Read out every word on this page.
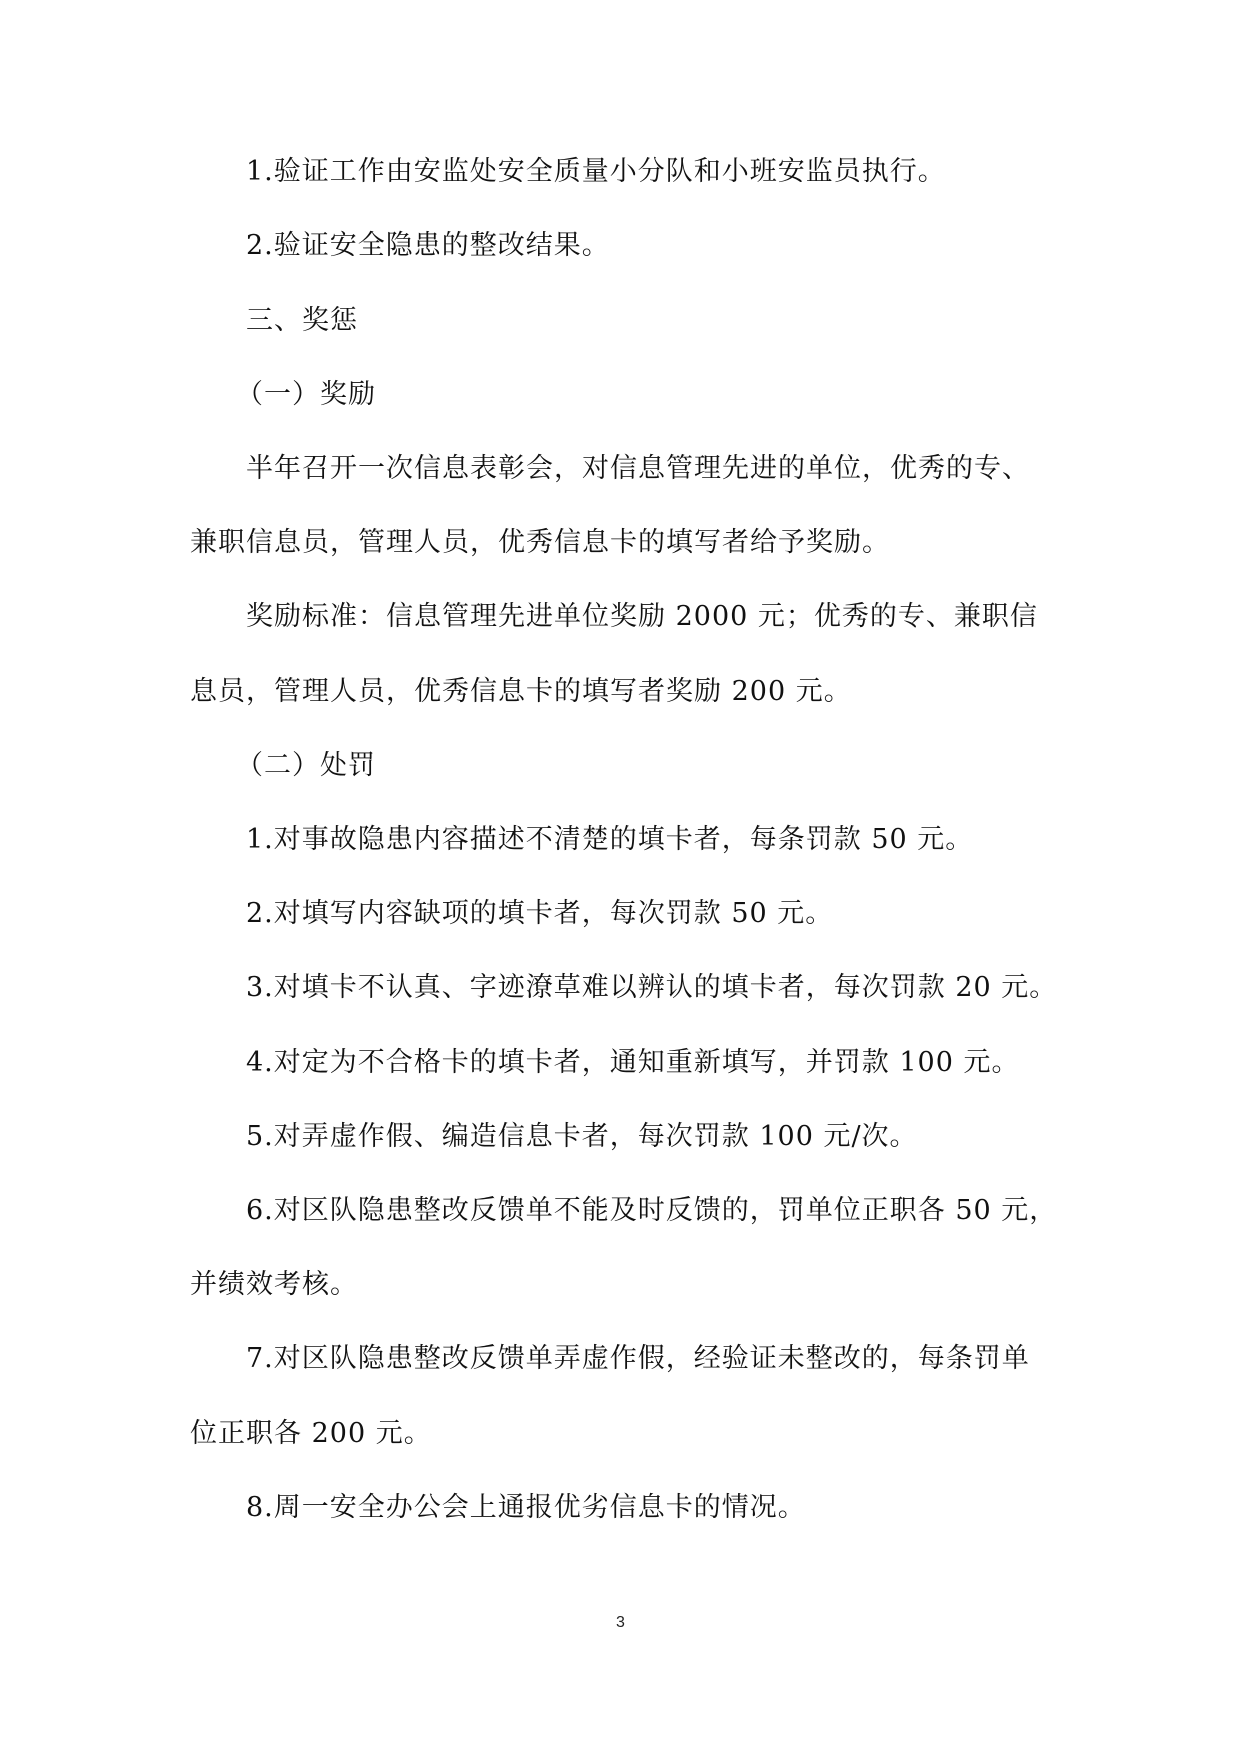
1.验证工作由安监处安全质量小分队和小班安监员执行。
2.验证安全隐患的整改结果。
三、奖惩
（一）奖励
半年召开一次信息表彰会，对信息管理先进的单位，优秀的专、
兼职信息员，管理人员，优秀信息卡的填写者给予奖励。
奖励标准：信息管理先进单位奖励 2000 元；优秀的专、兼职信
息员，管理人员，优秀信息卡的填写者奖励 200 元。
（二）处罚
1.对事故隐患内容描述不清楚的填卡者，每条罚款 50 元。
2.对填写内容缺项的填卡者，每次罚款 50 元。
3.对填卡不认真、字迹潦草难以辨认的填卡者，每次罚款 20 元。
4.对定为不合格卡的填卡者，通知重新填写，并罚款 100 元。
5.对弄虚作假、编造信息卡者，每次罚款 100 元/次。
6.对区队隐患整改反馈单不能及时反馈的，罚单位正职各 50 元，
并绩效考核。
7.对区队隐患整改反馈单弄虚作假，经验证未整改的，每条罚单
位正职各 200 元。
8.周一安全办公会上通报优劣信息卡的情况。
3
